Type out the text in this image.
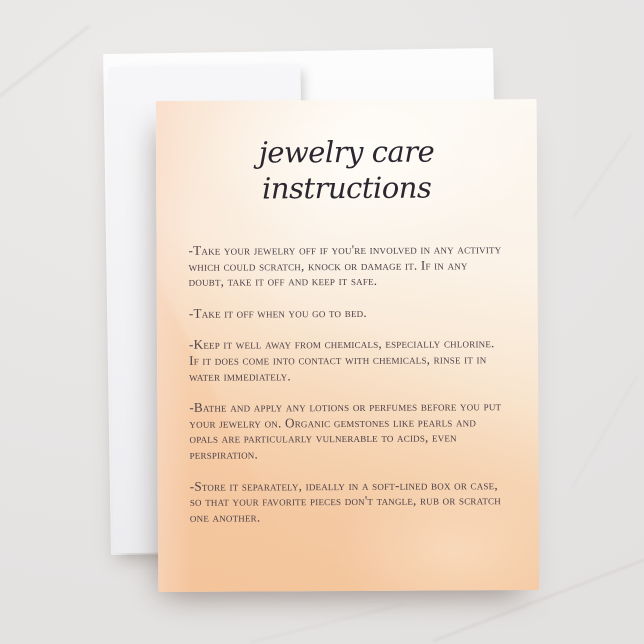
jewelry care instructions

-Take your jewelry off if you're involved in any activity which could scratch, knock or damage it. If in any doubt, take it off and keep it safe.

-Take it off when you go to bed.

-Keep it well away from chemicals, especially chlorine. If it does come into contact with chemicals, rinse it in water immediately.

-Bathe and apply any lotions or perfumes before you put your jewelry on. Organic gemstones like pearls and opals are particularly vulnerable to acids, even perspiration.

-Store it separately, ideally in a soft-lined box or case, so that your favorite pieces don't tangle, rub or scratch one another.
